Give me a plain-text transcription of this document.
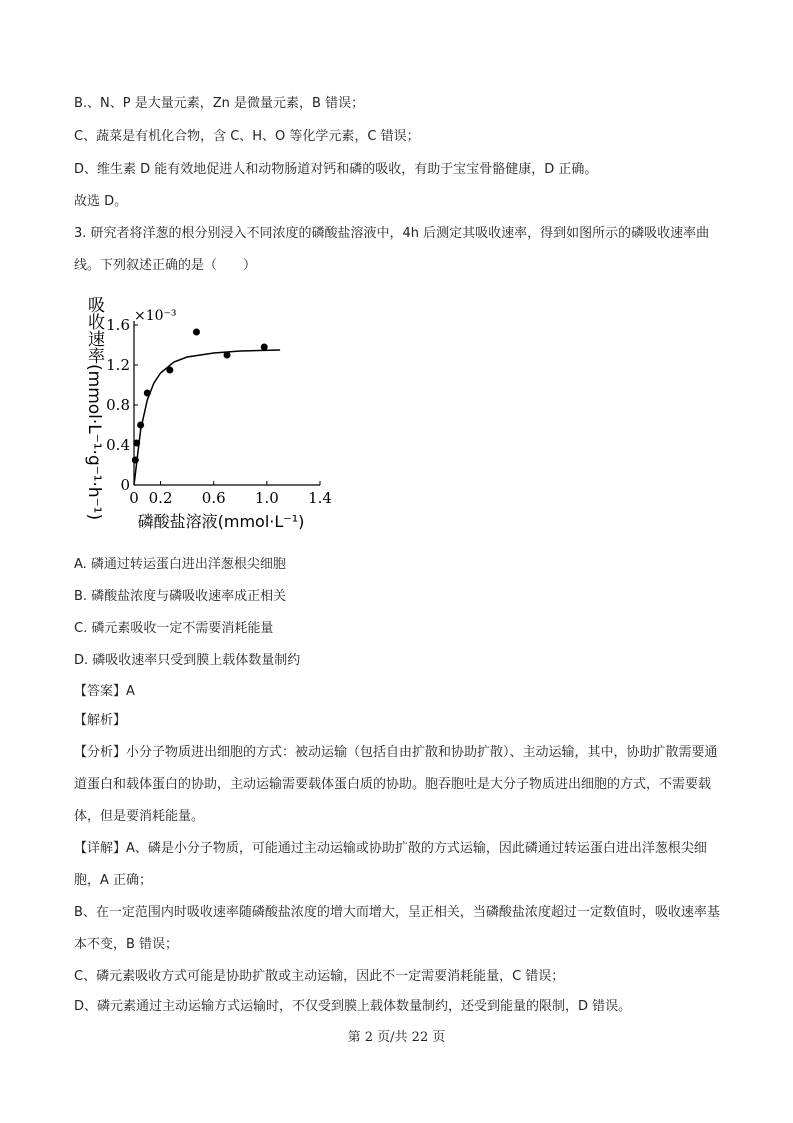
B.、N、P 是大量元素，Zn 是微量元素，B 错误；
C、蔬菜是有机化合物，含 C、H、O 等化学元素，C 错误；
D、维生素 D 能有效地促进人和动物肠道对钙和磷的吸收，有助于宝宝骨骼健康，D 正确。
故选 D。
3. 研究者将洋葱的根分别浸入不同浓度的磷酸盐溶液中，4h 后测定其吸收速率，得到如图所示的磷吸收速率曲线。下列叙述正确的是（　　）
0
0.4
0.8
1.2
1.6
0 0.2 0.6 1.0 1.4
×10⁻³
磷酸盐溶液(mmol·L⁻¹)
吸收速率(mmol·L⁻¹·g⁻¹·h⁻¹)
A. 磷通过转运蛋白进出洋葱根尖细胞
B. 磷酸盐浓度与磷吸收速率成正相关
C. 磷元素吸收一定不需要消耗能量
D. 磷吸收速率只受到膜上载体数量制约
【答案】A
【解析】
【分析】小分子物质进出细胞的方式：被动运输（包括自由扩散和协助扩散）、主动运输，其中，协助扩散需要通道蛋白和载体蛋白的协助，主动运输需要载体蛋白质的协助。胞吞胞吐是大分子物质进出细胞的方式，不需要载体，但是要消耗能量。
【详解】A、磷是小分子物质，可能通过主动运输或协助扩散的方式运输，因此磷通过转运蛋白进出洋葱根尖细胞，A 正确；
B、在一定范围内时吸收速率随磷酸盐浓度的增大而增大，呈正相关，当磷酸盐浓度超过一定数值时，吸收速率基本不变，B 错误；
C、磷元素吸收方式可能是协助扩散或主动运输，因此不一定需要消耗能量，C 错误；
D、磷元素通过主动运输方式运输时，不仅受到膜上载体数量制约，还受到能量的限制，D 错误。
第 2 页/共 22 页
